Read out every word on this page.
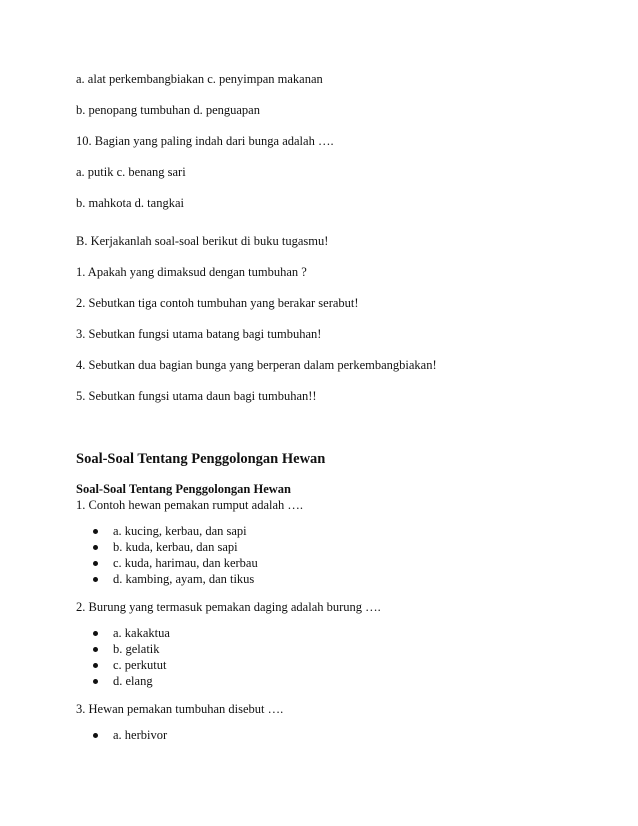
a. alat perkembangbiakan c. penyimpan makanan
b. penopang tumbuhan d. penguapan
10. Bagian yang paling indah dari bunga adalah ….
a. putik c. benang sari
b. mahkota d. tangkai
B. Kerjakanlah soal-soal berikut di buku tugasmu!
1. Apakah yang dimaksud dengan tumbuhan ?
2. Sebutkan tiga contoh tumbuhan yang berakar serabut!
3. Sebutkan fungsi utama batang bagi tumbuhan!
4. Sebutkan dua bagian bunga yang berperan dalam perkembangbiakan!
5. Sebutkan fungsi utama daun bagi tumbuhan!!
Soal-Soal Tentang Penggolongan Hewan
Soal-Soal Tentang Penggolongan Hewan
1. Contoh hewan pemakan rumput adalah ….
a. kucing, kerbau, dan sapi
b. kuda, kerbau, dan sapi
c. kuda, harimau, dan kerbau
d. kambing, ayam, dan tikus
2. Burung yang termasuk pemakan daging adalah burung ….
a. kakaktua
b. gelatik
c. perkutut
d. elang
3. Hewan pemakan tumbuhan disebut ….
a. herbivor
